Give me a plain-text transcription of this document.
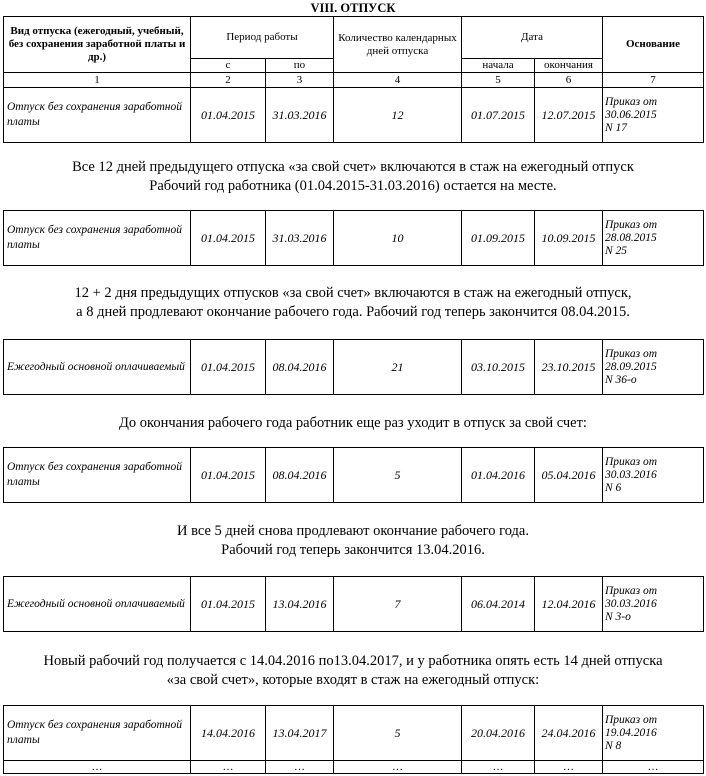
VIII. ОТПУСК
Вид отпуска (ежегодный, учебный, без сохранения заработной платы и др.)	Период работы		Количество календарных дней отпуска	Дата		Основание
	с	по		начала	окончания	
1	2	3	4	5	6	7
Отпуск без сохранения заработной платы	01.04.2015	31.03.2016	12	01.07.2015	12.07.2015	Приказ от
30.06.2015
N 17
Все 12 дней предыдущего отпуска «за свой счет» включаются в стаж на ежегодный отпуск
Рабочий год работника (01.04.2015-31.03.2016) остается на месте.
Отпуск без сохранения заработной платы	01.04.2015	31.03.2016	10	01.09.2015	10.09.2015	
Приказ от
28.08.2015
N 25
12 + 2 дня предыдущих отпусков «за свой счет» включаются в стаж на ежегодный отпуск,
а 8 дней продлевают окончание рабочего года. Рабочий год теперь закончится 08.04.2015.
Ежегодный основной оплачиваемый	01.04.2015	08.04.2016	21	03.10.2015	23.10.2015	
Приказ от
28.09.2015
N 36-о
До окончания рабочего года работник еще раз уходит в отпуск за свой счет:
Отпуск без сохранения заработной платы	01.04.2015	08.04.2016	5	01.04.2016	05.04.2016	
Приказ от
30.03.2016
N 6
И все 5 дней снова продлевают окончание рабочего года.
Рабочий год теперь закончится 13.04.2016.
Ежегодный основной оплачиваемый	01.04.2015	13.04.2016	7	06.04.2014	12.04.2016	
Приказ от
30.03.2016
N 3-о
Новый рабочий год получается с 14.04.2016 по13.04.2017, и у работника опять есть 14 дней отпуска
«за свой счет», которые входят в стаж на ежегодный отпуск:
Отпуск без сохранения заработной платы	14.04.2016	13.04.2017	5	20.04.2016	24.04.2016	Приказ от
19.04.2016
N 8

…	…	…	…	…	…	…
